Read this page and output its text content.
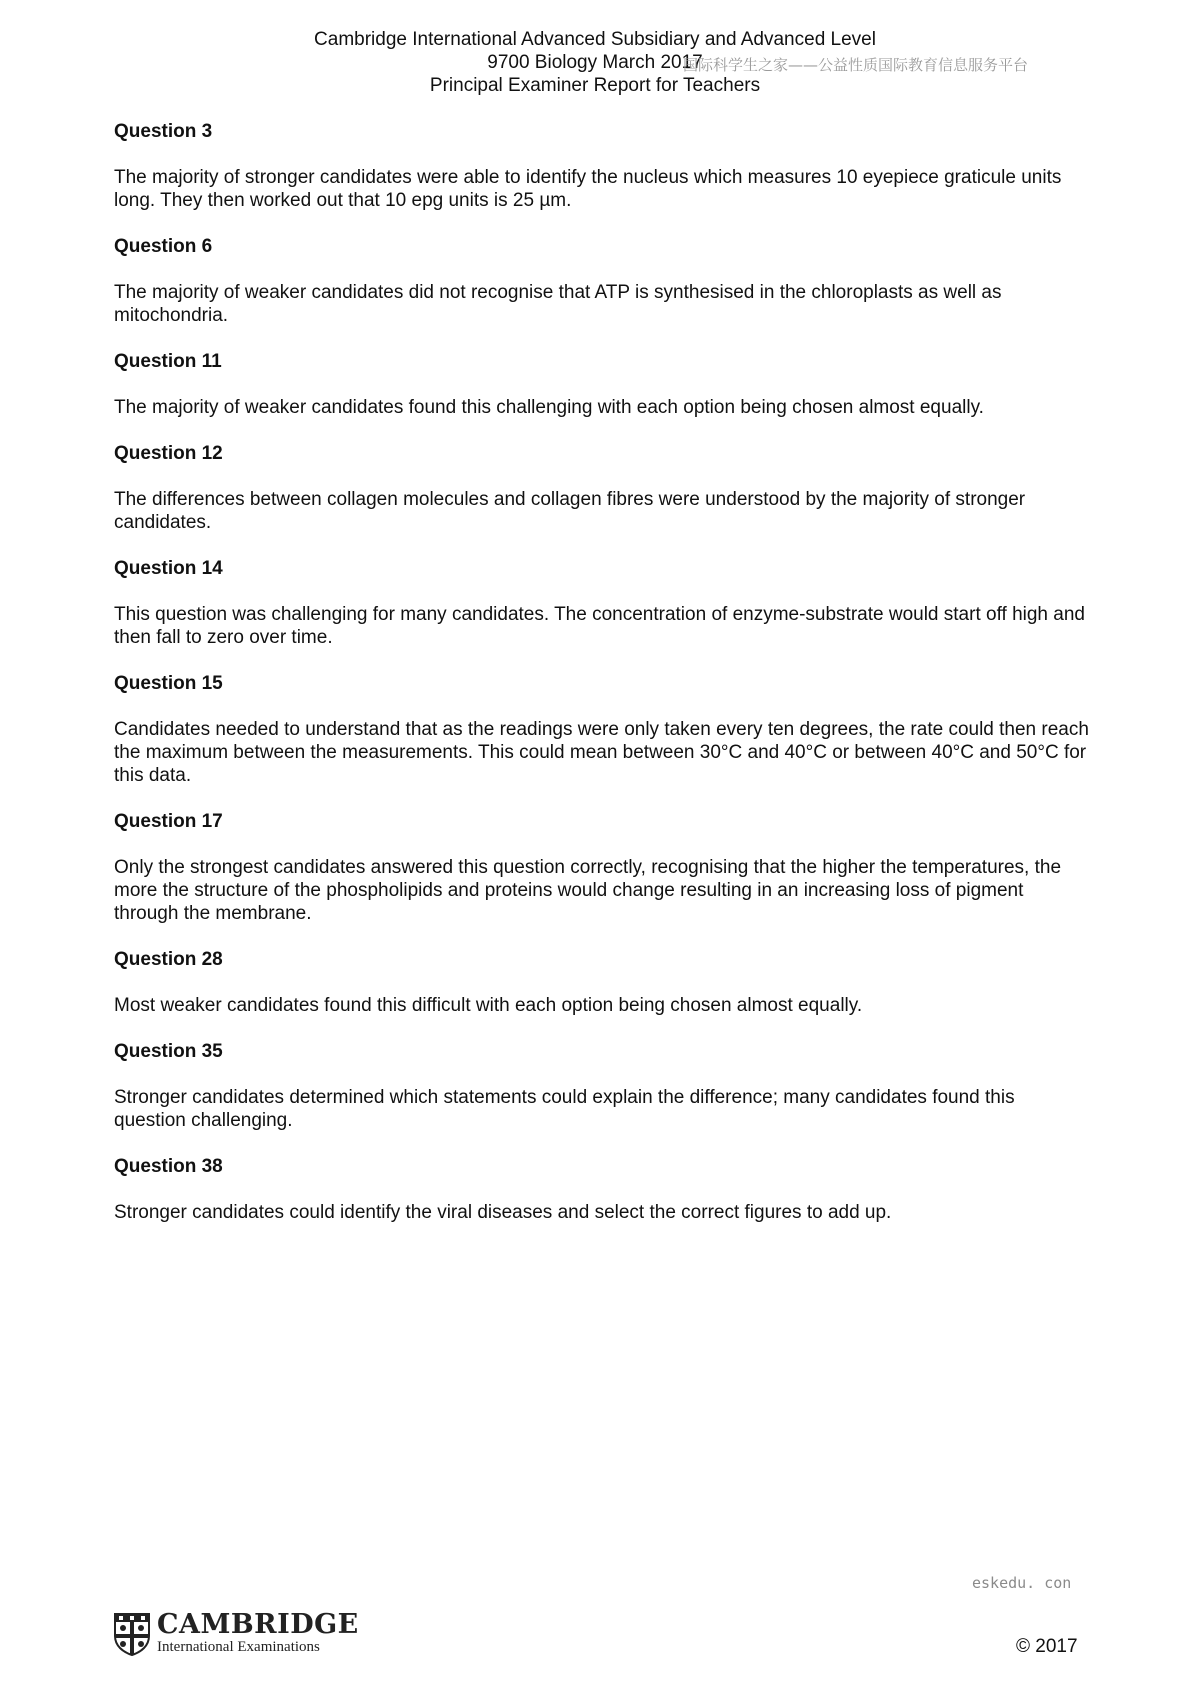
Cambridge International Advanced Subsidiary and Advanced Level
9700 Biology March 2017
Principal Examiner Report for Teachers
国际科学生之家——公益性质国际教育信息服务平台

Question 3

The majority of stronger candidates were able to identify the nucleus which measures 10 eyepiece graticule units long. They then worked out that 10 epg units is 25 µm.

Question 6

The majority of weaker candidates did not recognise that ATP is synthesised in the chloroplasts as well as mitochondria.

Question 11

The majority of weaker candidates found this challenging with each option being chosen almost equally.

Question 12

The differences between collagen molecules and collagen fibres were understood by the majority of stronger candidates.

Question 14

This question was challenging for many candidates. The concentration of enzyme-substrate would start off high and then fall to zero over time.

Question 15

Candidates needed to understand that as the readings were only taken every ten degrees, the rate could then reach the maximum between the measurements. This could mean between 30°C and 40°C or between 40°C and 50°C for this data.

Question 17

Only the strongest candidates answered this question correctly, recognising that the higher the temperatures, the more the structure of the phospholipids and proteins would change resulting in an increasing loss of pigment through the membrane.

Question 28

Most weaker candidates found this difficult with each option being chosen almost equally.

Question 35

Stronger candidates determined which statements could explain the difference; many candidates found this question challenging.

Question 38

Stronger candidates could identify the viral diseases and select the correct figures to add up.

eskedu. con
CAMBRIDGE
International Examinations	© 2017
